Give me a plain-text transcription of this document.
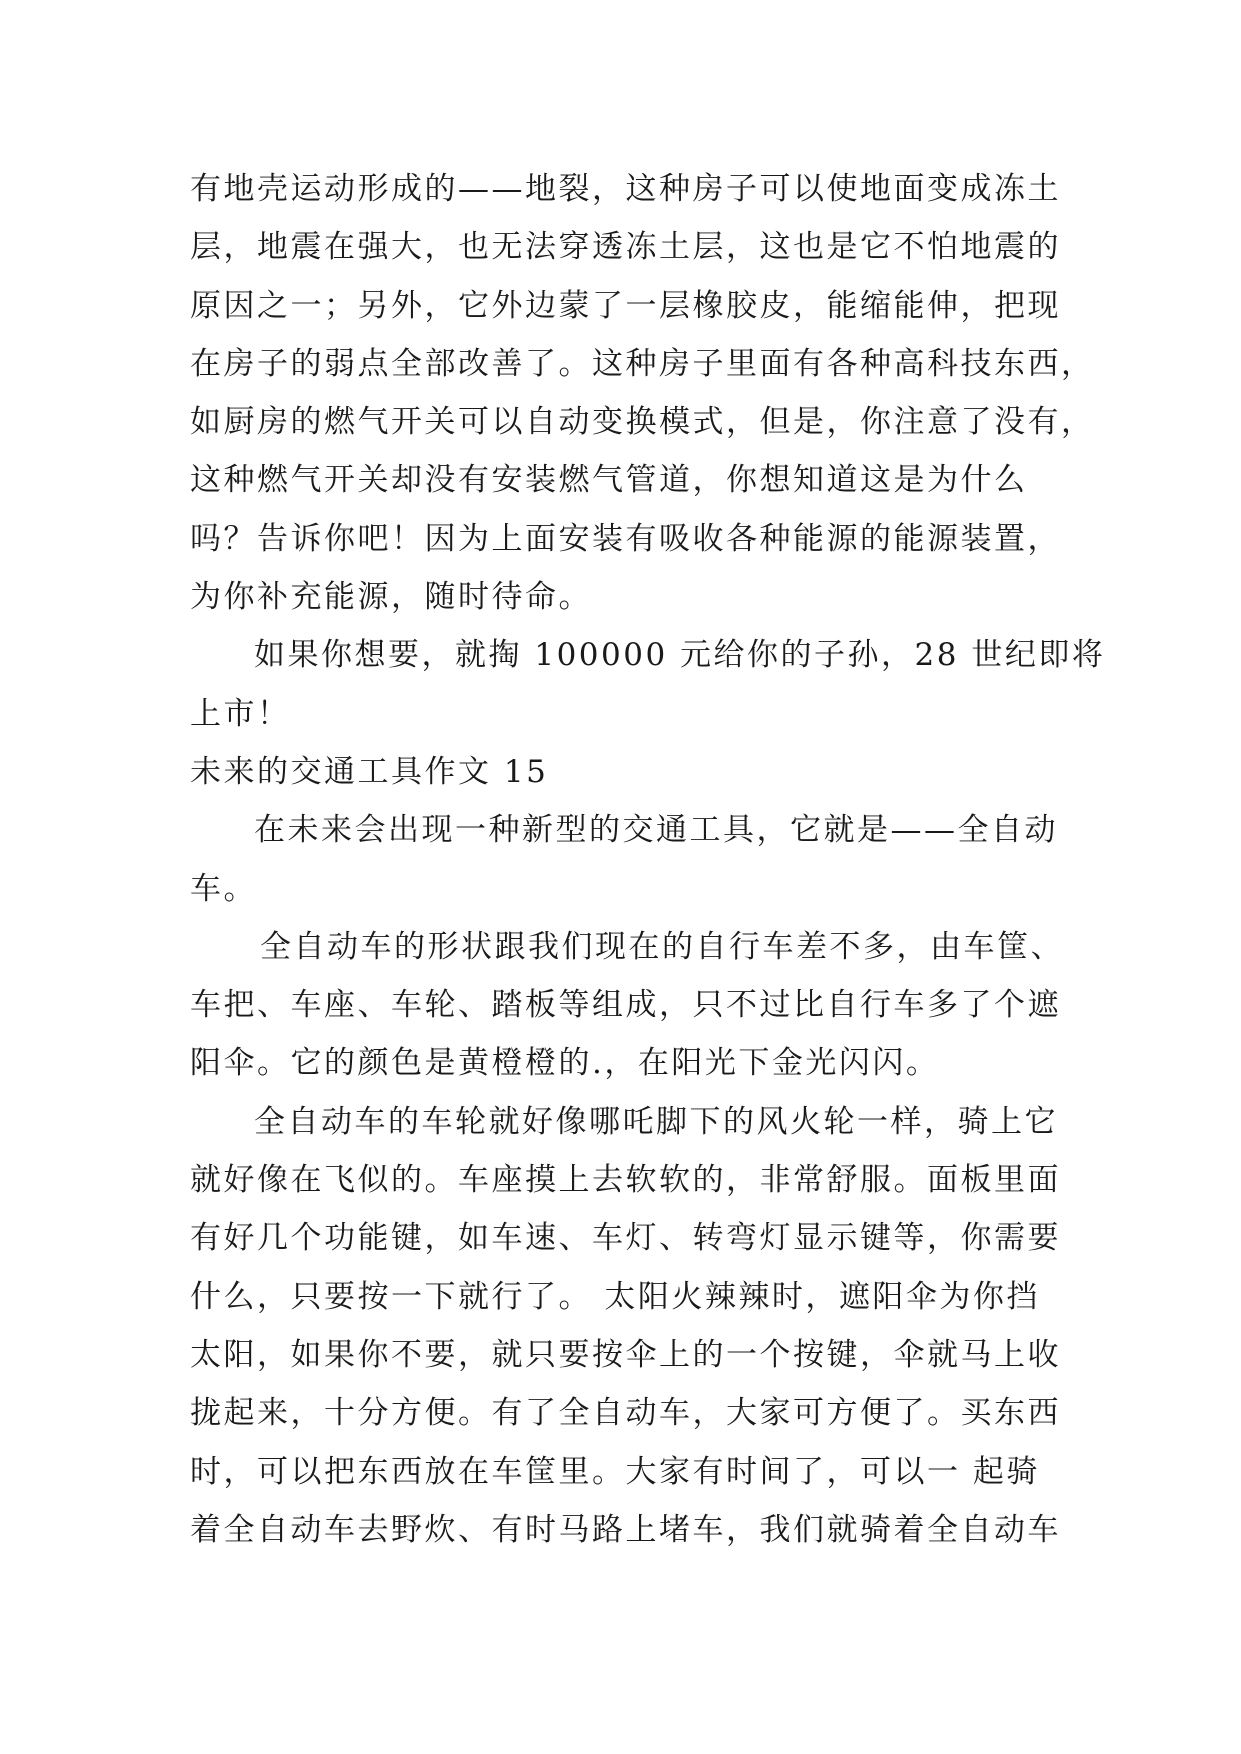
有地壳运动形成的——地裂，这种房子可以使地面变成冻土
层，地震在强大，也无法穿透冻土层，这也是它不怕地震的
原因之一；另外，它外边蒙了一层橡胶皮，能缩能伸，把现
在房子的弱点全部改善了。这种房子里面有各种高科技东西，
如厨房的燃气开关可以自动变换模式，但是，你注意了没有，
这种燃气开关却没有安装燃气管道，你想知道这是为什么
吗？告诉你吧！因为上面安装有吸收各种能源的能源装置，
为你补充能源，随时待命。
如果你想要，就掏 100000 元给你的子孙，28 世纪即将
上市！
未来的交通工具作文 15
在未来会出现一种新型的交通工具，它就是——全自动
车。
全自动车的形状跟我们现在的自行车差不多，由车筐、
车把、车座、车轮、踏板等组成，只不过比自行车多了个遮
阳伞。它的颜色是黄橙橙的.，在阳光下金光闪闪。
全自动车的车轮就好像哪吒脚下的风火轮一样，骑上它
就好像在飞似的。车座摸上去软软的，非常舒服。面板里面
有好几个功能键，如车速、车灯、转弯灯显示键等，你需要
什么，只要按一下就行了。 太阳火辣辣时，遮阳伞为你挡
太阳，如果你不要，就只要按伞上的一个按键，伞就马上收
拢起来，十分方便。有了全自动车，大家可方便了。买东西
时，可以把东西放在车筐里。大家有时间了，可以一 起骑
着全自动车去野炊、有时马路上堵车，我们就骑着全自动车
